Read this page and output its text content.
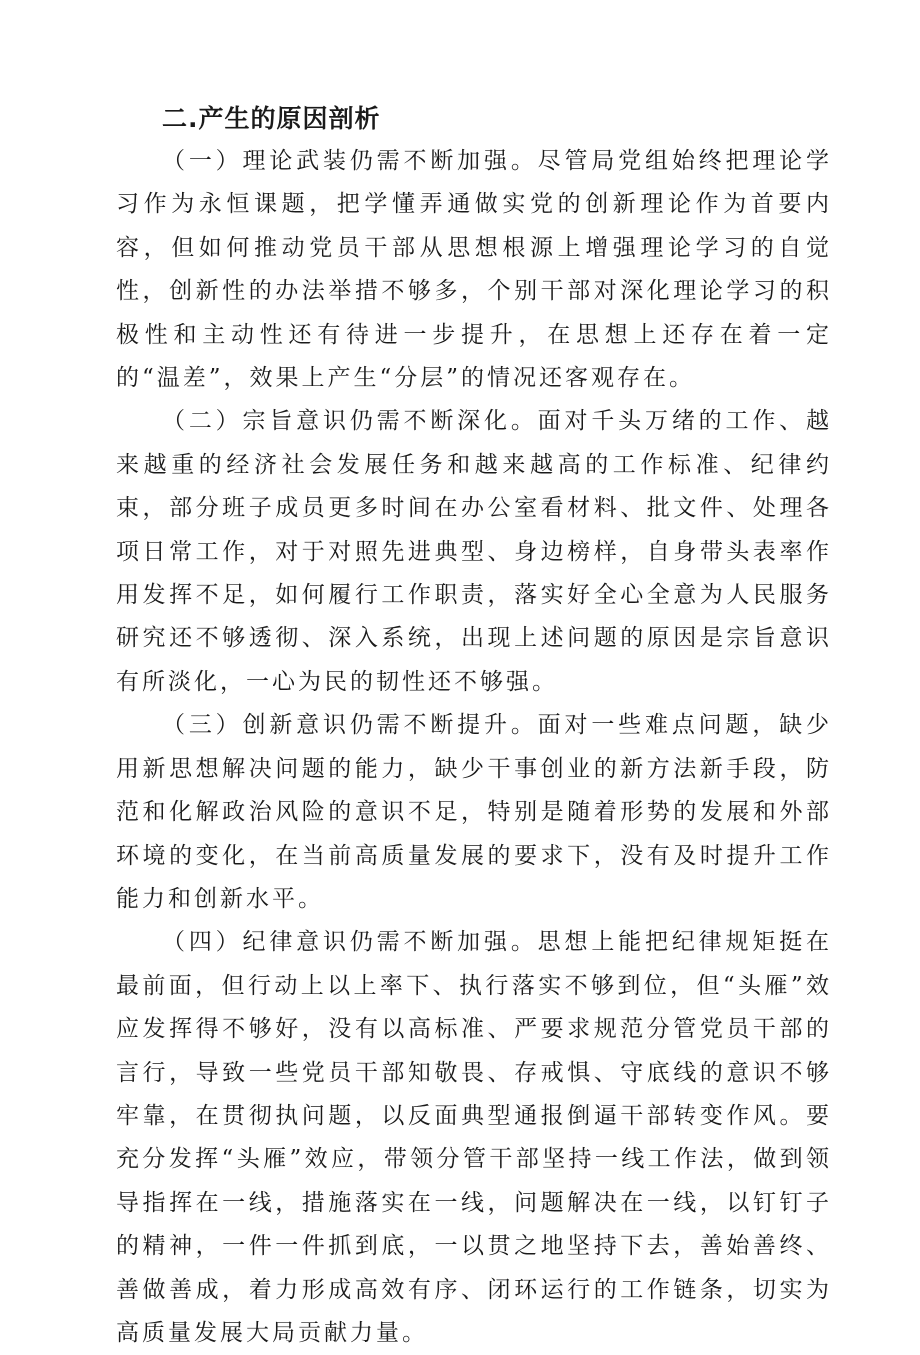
二.产生的原因剖析

（一）理论武装仍需不断加强。尽管局党组始终把理论学习作为永恒课题，把学懂弄通做实党的创新理论作为首要内容，但如何推动党员干部从思想根源上增强理论学习的自觉性，创新性的办法举措不够多，个别干部对深化理论学习的积极性和主动性还有待进一步提升，在思想上还存在着一定的“温差”，效果上产生“分层”的情况还客观存在。

（二）宗旨意识仍需不断深化。面对千头万绪的工作、越来越重的经济社会发展任务和越来越高的工作标准、纪律约束，部分班子成员更多时间在办公室看材料、批文件、处理各项日常工作，对于对照先进典型、身边榜样，自身带头表率作用发挥不足，如何履行工作职责，落实好全心全意为人民服务研究还不够透彻、深入系统，出现上述问题的原因是宗旨意识有所淡化，一心为民的韧性还不够强。

（三）创新意识仍需不断提升。面对一些难点问题，缺少用新思想解决问题的能力，缺少干事创业的新方法新手段，防范和化解政治风险的意识不足，特别是随着形势的发展和外部环境的变化，在当前高质量发展的要求下，没有及时提升工作能力和创新水平。

（四）纪律意识仍需不断加强。思想上能把纪律规矩挺在最前面，但行动上以上率下、执行落实不够到位，但“头雁”效应发挥得不够好，没有以高标准、严要求规范分管党员干部的言行，导致一些党员干部知敬畏、存戒惧、守底线的意识不够牢靠，在贯彻执问题，以反面典型通报倒逼干部转变作风。要充分发挥“头雁”效应，带领分管干部坚持一线工作法，做到领导指挥在一线，措施落实在一线，问题解决在一线，以钉钉子的精神，一件一件抓到底，一以贯之地坚持下去，善始善终、善做善成，着力形成高效有序、闭环运行的工作链条，切实为高质量发展大局贡献力量。
